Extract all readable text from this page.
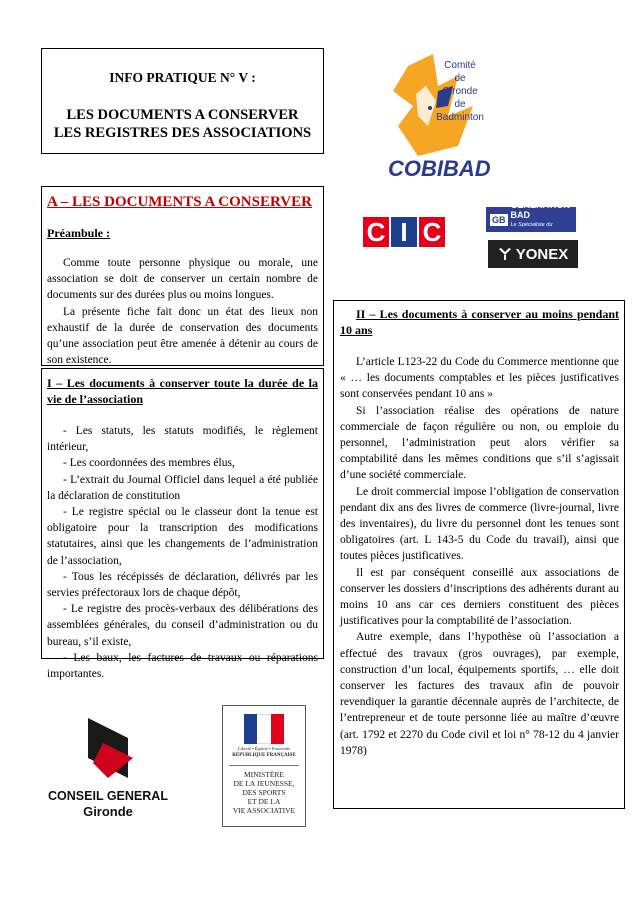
INFO PRATIQUE N° V :
LES DOCUMENTS A CONSERVER
LES REGISTRES DES ASSOCIATIONS
Comité
de
Gironde
de
Badminton
COBIBAD
C I C	GB
GENERATION BAD
Le Spécialiste du Badminton
YONEX
A – LES DOCUMENTS A CONSERVER
Préambule :

Comme toute personne physique ou morale, une association se doit de conserver un certain nombre de documents sur des durées plus ou moins longues.

La présente fiche fait donc un état des lieux non exhaustif de la durée de conservation des documents qu’une association peut être amenée à détenir au cours de son existence.

I – Les documents à conserver toute la durée de la vie de l’association

- Les statuts, les statuts modifiés, le règlement intérieur,

- Les coordonnées des membres élus,

- L’extrait du Journal Officiel dans lequel a été publiée la déclaration de constitution

- Le registre spécial ou le classeur dont la tenue est obligatoire pour la transcription des modifications statutaires, ainsi que les changements de l’administration de l’association,

- Tous les récépissés de déclaration, délivrés par les servies préfectoraux lors de chaque dépôt,

- Le registre des procès-verbaux des délibérations des assemblées générales, du conseil d’administration ou du bureau, s’il existe,

- Les baux, les factures de travaux ou réparations importantes.

II – Les documents à conserver au moins pendant 10 ans

L’article L123-22 du Code du Commerce mentionne que « … les documents comptables et les pièces justificatives sont conservées pendant 10 ans »

Si l’association réalise des opérations de nature commerciale de façon régulière ou non, ou emploie du personnel, l’administration peut alors vérifier sa comptabilité dans les mêmes conditions que s’il s’agissait d’une société commerciale.

Le droit commercial impose l’obligation de conservation pendant dix ans des livres de commerce (livre-journal, livre des inventaires), du livre du personnel dont les tenues sont obligatoires (art. L 143-5 du Code du travail), ainsi que toutes pièces justificatives.

Il est par conséquent conseillé aux associations de conserver les dossiers d’inscriptions des adhérents durant au moins 10 ans car ces derniers constituent des pièces justificatives pour la comptabilité de l’association.

Autre exemple, dans l’hypothèse où l’association a effectué des travaux (gros ouvrages), par exemple, construction d’un local, équipements sportifs, … elle doit conserver les factures des travaux afin de pouvoir revendiquer la garantie décennale auprès de l’architecte, de l’entrepreneur et de toute personne liée au maître d’œuvre (art. 1792 et 2270 du Code civil et loi n° 78-12 du 4 janvier 1978)

CONSEIL GENERAL
Gironde
Liberté • Égalité • Fraternité
RÉPUBLIQUE FRANÇAISE
MINISTÈRE
DE LA JEUNESSE,
DES SPORTS
ET DE LA
VIE ASSOCIATIVE
